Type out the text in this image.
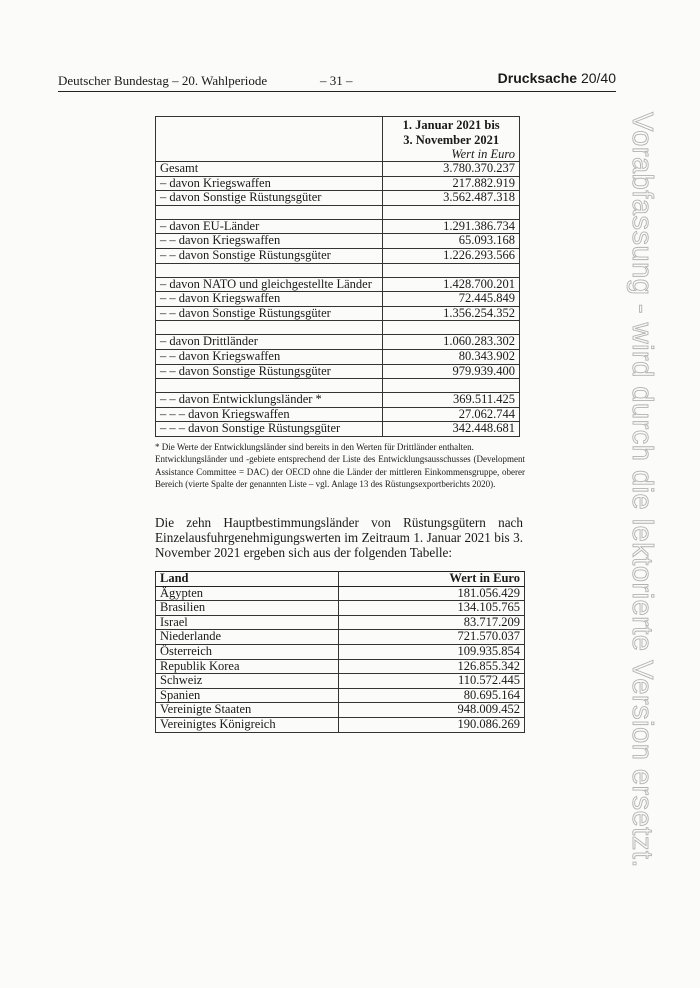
Deutscher Bundestag – 20. Wahlperiode	– 31 –	Drucksache 20/40
	1. Januar 2021 bis
	3. November 2021
	Wert in Euro
Gesamt	3.780.370.237
– davon Kriegswaffen	217.882.919
– davon Sonstige Rüstungsgüter	3.562.487.318

– davon EU-Länder	1.291.386.734
– – davon Kriegswaffen	65.093.168
– – davon Sonstige Rüstungsgüter	1.226.293.566

– davon NATO und gleichgestellte Länder	1.428.700.201
– – davon Kriegswaffen	72.445.849
– – davon Sonstige Rüstungsgüter	1.356.254.352

– davon Drittländer	1.060.283.302
– – davon Kriegswaffen	80.343.902
– – davon Sonstige Rüstungsgüter	979.939.400

– – davon Entwicklungsländer *	369.511.425
– – – davon Kriegswaffen	27.062.744
– – – davon Sonstige Rüstungsgüter	342.448.681

* Die Werte der Entwicklungsländer sind bereits in den Werten für Drittländer enthalten.

Entwicklungsländer und -gebiete entsprechend der Liste des Entwicklungsausschusses (Development Assistance Committee = DAC) der OECD ohne die Länder der mittleren Einkommensgruppe, oberer Bereich (vierte Spalte der genannten Liste – vgl. Anlage 13 des Rüstungsexportberichts 2020).

Die zehn Hauptbestimmungsländer von Rüstungsgütern nach Einzelausfuhrgenehmigungswerten im Zeitraum 1. Januar 2021 bis 3. November 2021 ergeben sich aus der folgenden Tabelle:

Land	Wert in Euro
Ägypten	181.056.429
Brasilien	134.105.765
Israel	83.717.209
Niederlande	721.570.037
Österreich	109.935.854
Republik Korea	126.855.342
Schweiz	110.572.445
Spanien	80.695.164
Vereinigte Staaten	948.009.452
Vereinigtes Königreich	190.086.269	Vorabfassung - wird durch die lektorierte Version ersetzt.
